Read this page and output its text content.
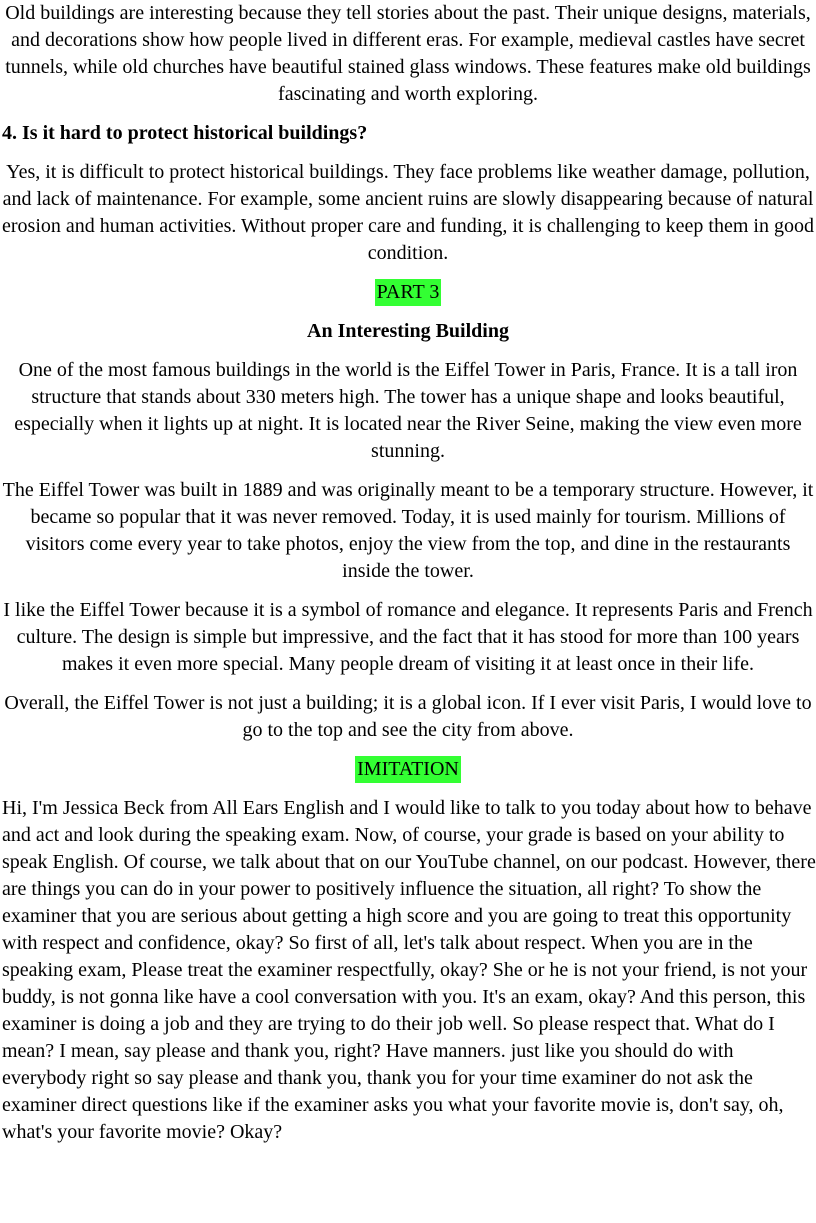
Old buildings are interesting because they tell stories about the past. Their unique designs, materials, and decorations show how people lived in different eras. For example, medieval castles have secret tunnels, while old churches have beautiful stained glass windows. These features make old buildings fascinating and worth exploring.

4. Is it hard to protect historical buildings?

Yes, it is difficult to protect historical buildings. They face problems like weather damage, pollution, and lack of maintenance. For example, some ancient ruins are slowly disappearing because of natural erosion and human activities. Without proper care and funding, it is challenging to keep them in good condition.

PART 3

An Interesting Building

One of the most famous buildings in the world is the Eiffel Tower in Paris, France. It is a tall iron structure that stands about 330 meters high. The tower has a unique shape and looks beautiful, especially when it lights up at night. It is located near the River Seine, making the view even more stunning.

The Eiffel Tower was built in 1889 and was originally meant to be a temporary structure. However, it became so popular that it was never removed. Today, it is used mainly for tourism. Millions of visitors come every year to take photos, enjoy the view from the top, and dine in the restaurants inside the tower.

I like the Eiffel Tower because it is a symbol of romance and elegance. It represents Paris and French culture. The design is simple but impressive, and the fact that it has stood for more than 100 years makes it even more special. Many people dream of visiting it at least once in their life.

Overall, the Eiffel Tower is not just a building; it is a global icon. If I ever visit Paris, I would love to go to the top and see the city from above.

IMITATION

Hi, I'm Jessica Beck from All Ears English and I would like to talk to you today about how to behave and act and look during the speaking exam. Now, of course, your grade is based on your ability to speak English. Of course, we talk about that on our YouTube channel, on our podcast. However, there are things you can do in your power to positively influence the situation, all right? To show the examiner that you are serious about getting a high score and you are going to treat this opportunity with respect and confidence, okay? So first of all, let's talk about respect. When you are in the speaking exam, Please treat the examiner respectfully, okay? She or he is not your friend, is not your buddy, is not gonna like have a cool conversation with you. It's an exam, okay? And this person, this examiner is doing a job and they are trying to do their job well. So please respect that. What do I mean? I mean, say please and thank you, right? Have manners. just like you should do with everybody right so say please and thank you, thank you for your time examiner do not ask the examiner direct questions like if the examiner asks you what your favorite movie is, don't say, oh, what's your favorite movie? Okay?
